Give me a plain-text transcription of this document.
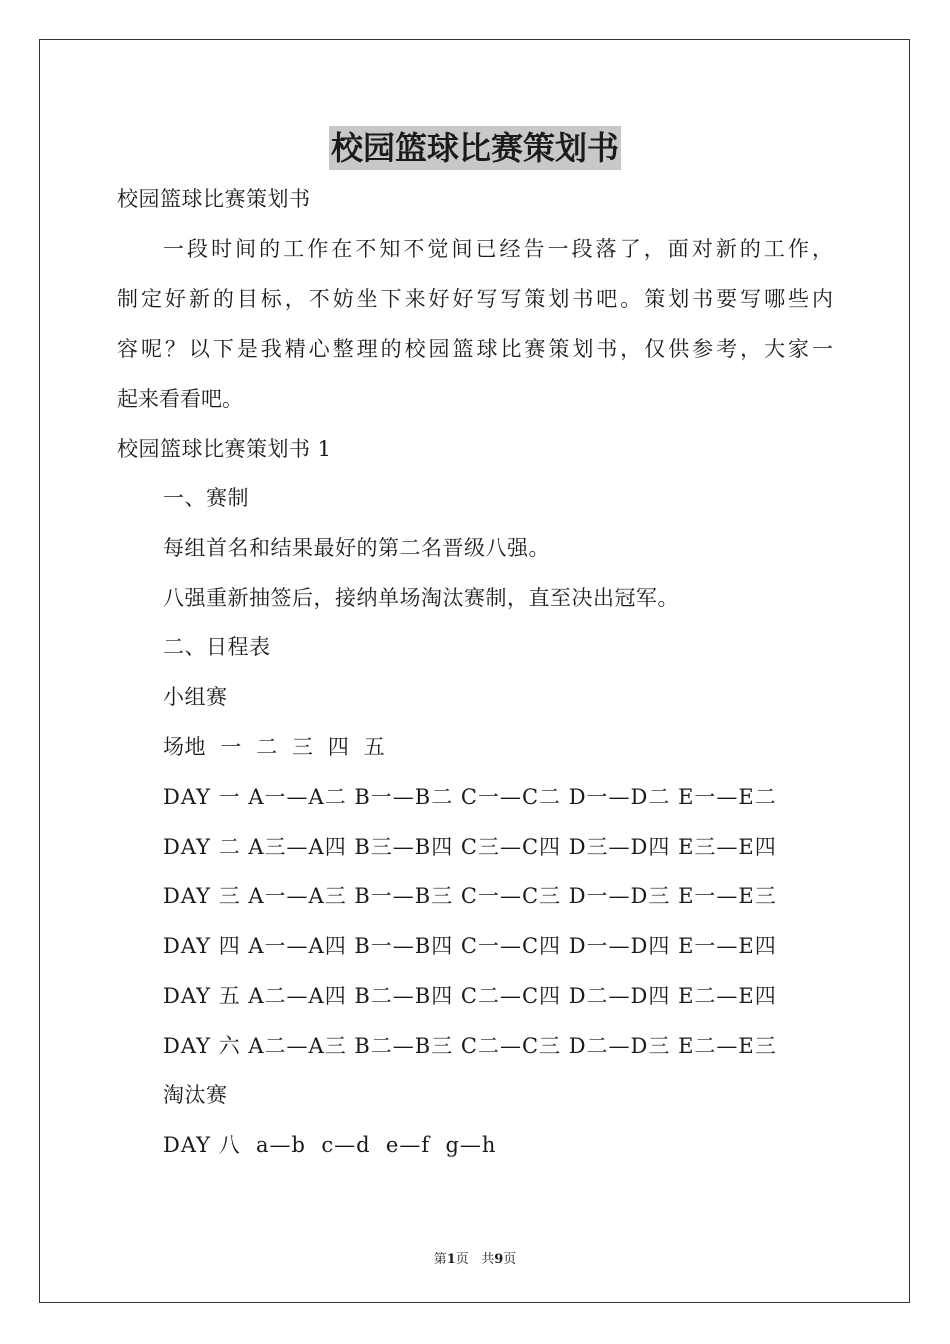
校园篮球比赛策划书
校园篮球比赛策划书
一段时间的工作在不知不觉间已经告一段落了，面对新的工作，
制定好新的目标，不妨坐下来好好写写策划书吧。策划书要写哪些内
容呢？以下是我精心整理的校园篮球比赛策划书，仅供参考，大家一
起来看看吧。
校园篮球比赛策划书 1
一、赛制
每组首名和结果最好的第二名晋级八强。
八强重新抽签后，接纳单场淘汰赛制，直至决出冠军。
二、日程表
小组赛
场地  一  二  三  四  五
DAY 一 A一—A二 B一—B二 C一—C二 D一—D二 E一—E二
DAY 二 A三—A四 B三—B四 C三—C四 D三—D四 E三—E四
DAY 三 A一—A三 B一—B三 C一—C三 D一—D三 E一—E三
DAY 四 A一—A四 B一—B四 C一—C四 D一—D四 E一—E四
DAY 五 A二—A四 B二—B四 C二—C四 D二—D四 E二—E四
DAY 六 A二—A三 B二—B三 C二—C三 D二—D三 E二—E三
淘汰赛
DAY 八  a—b  c—d  e—f  g—h
第1页 共9页
